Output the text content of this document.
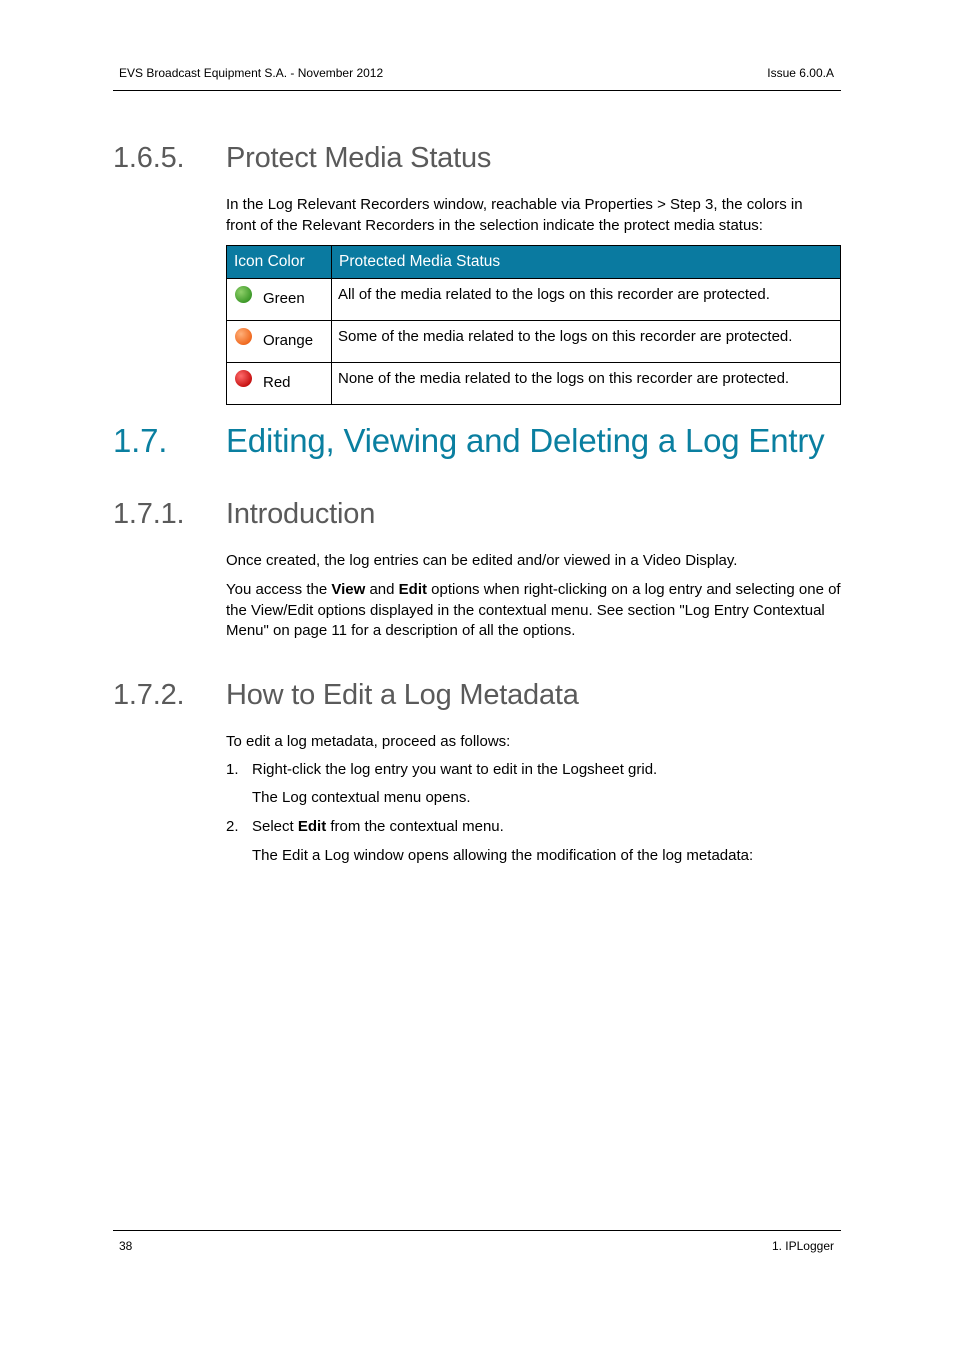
EVS Broadcast Equipment S.A. - November 2012	Issue 6.00.A
1.6.5. Protect Media Status
In the Log Relevant Recorders window, reachable via Properties > Step 3, the colors in front of the Relevant Recorders in the selection indicate the protect media status:
Icon Color	Protected Media Status

Green	All of the media related to the logs on this recorder are protected.

Orange	Some of the media related to the logs on this recorder are protected.

Red	None of the media related to the logs on this recorder are protected.
1.7. Editing, Viewing and Deleting a Log Entry
1.7.1. Introduction
Once created, the log entries can be edited and/or viewed in a Video Display.
You access the View and Edit options when right-clicking on a log entry and selecting one of the View/Edit options displayed in the contextual menu. See section "Log Entry Contextual Menu" on page 11 for a description of all the options.
1.7.2. How to Edit a Log Metadata
To edit a log metadata, proceed as follows:
1. Right-click the log entry you want to edit in the Logsheet grid.
The Log contextual menu opens.
2. Select Edit from the contextual menu.
The Edit a Log window opens allowing the modification of the log metadata:
38	1. IPLogger
